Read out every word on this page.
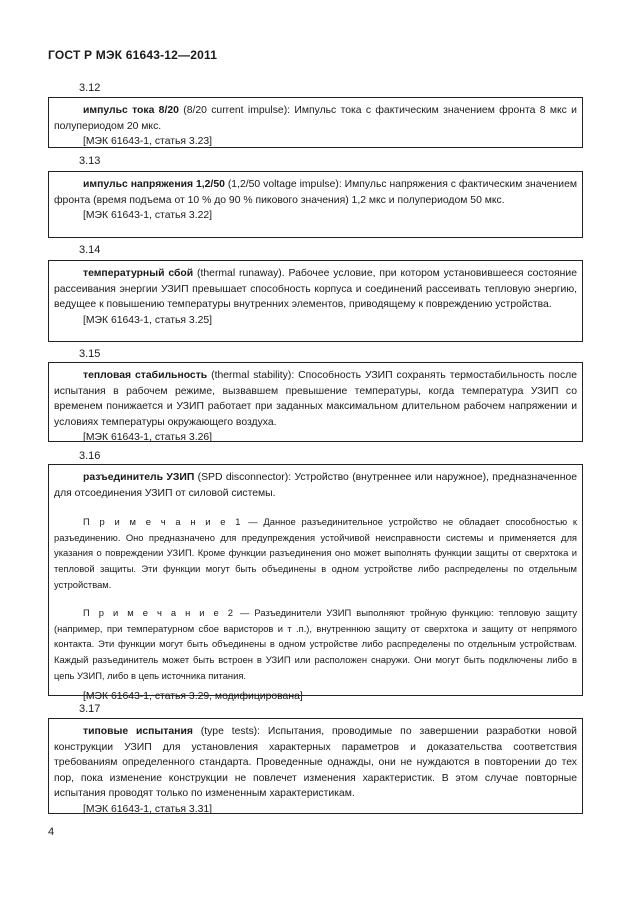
ГОСТ Р МЭК 61643-12—2011
3.12

импульс тока 8/20 (8/20 current impulse): Импульс тока с фактическим значением фронта 8 мкс и полупериодом 20 мкс.

[МЭК 61643-1, статья 3.23]

3.13

импульс напряжения 1,2/50 (1,2/50 voltage impulse): Импульс напряжения с фактическим значением фронта (время подъема от 10 % до 90 % пикового значения) 1,2 мкс и полупериодом 50 мкс.

[МЭК 61643-1, статья 3.22]

3.14

температурный сбой (thermal runaway). Рабочее условие, при котором установившееся состояние рассеивания энергии УЗИП превышает способность корпуса и соединений рассеивать тепловую энергию, ведущее к повышению температуры внутренних элементов, приводящему к повреждению устройства.

[МЭК 61643-1, статья 3.25]

3.15

тепловая стабильность (thermal stability): Способность УЗИП сохранять термостабильность после испытания в рабочем режиме, вызвавшем превышение температуры, когда температура УЗИП со временем понижается и УЗИП работает при заданных максимальном длительном рабочем напряжении и условиях температуры окружающего воздуха.

[МЭК 61643-1, статья 3.26]

3.16

разъединитель УЗИП (SPD disconnector): Устройство (внутреннее или наружное), предназначенное для отсоединения УЗИП от силовой системы.

П р и м е ч а н и е 1 — Данное разъединительное устройство не обладает способностью к разъединению. Оно предназначено для предупреждения устойчивой неисправности системы и применяется для указания о повреждении УЗИП. Кроме функции разъединения оно может выполнять функции защиты от сверхтока и тепловой защиты. Эти функции могут быть объединены в одном устройстве либо распределены по отдельным устройствам.

П р и м е ч а н и е 2 — Разъединители УЗИП выполняют тройную функцию: тепловую защиту (например, при температурном сбое варисторов и т .п.), внутреннюю защиту от сверхтока и защиту от непрямого контакта. Эти функции могут быть объединены в одном устройстве либо распределены по отдельным устройствам. Каждый разъединитель может быть встроен в УЗИП или расположен снаружи. Они могут быть подключены либо в цепь УЗИП, либо в цепь источника питания.

[МЭК 61643-1, статья 3.29, модифицирована]

3.17

типовые испытания (type tests): Испытания, проводимые по завершении разработки новой конструкции УЗИП для установления характерных параметров и доказательства соответствия требованиям определенного стандарта. Проведенные однажды, они не нуждаются в повторении до тех пор, пока изменение конструкции не повлечет изменения характеристик. В этом случае повторные испытания проводят только по измененным характеристикам.

[МЭК 61643-1, статья 3.31]

4
